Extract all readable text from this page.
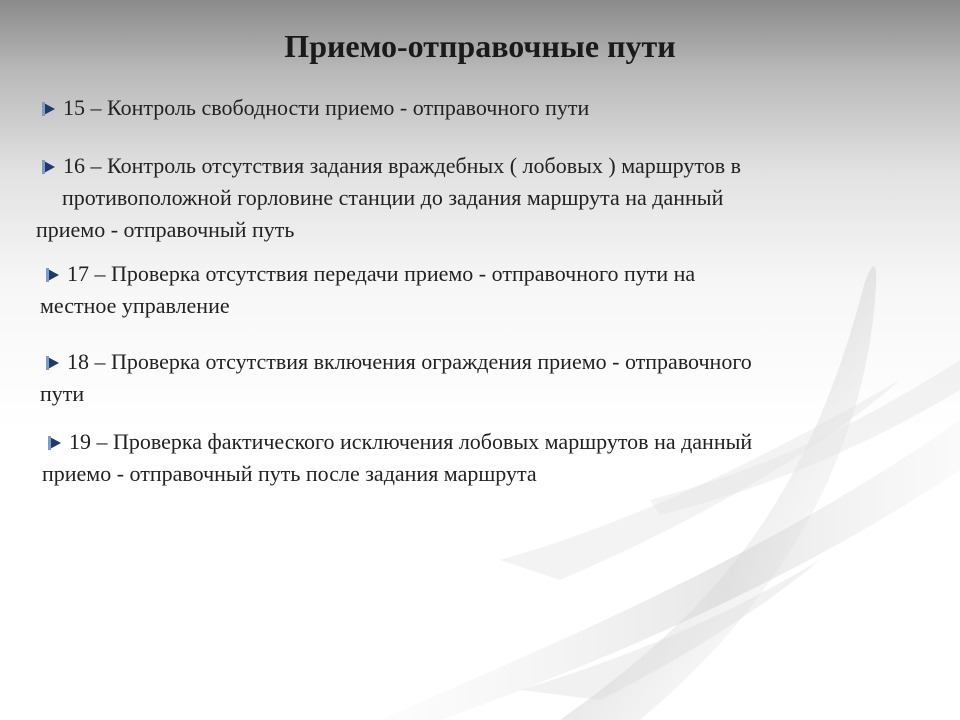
Приемо-отправочные пути
15 – Контроль свободности приемо - отправочного пути
16 – Контроль отсутствия задания враждебных ( лобовых ) маршрутов в
противоположной горловине станции до задания маршрута на данный
приемо - отправочный путь
17 – Проверка отсутствия передачи приемо - отправочного пути на
местное управление
18 – Проверка отсутствия включения ограждения приемо - отправочного
пути
19 – Проверка фактического исключения лобовых маршрутов на данный
приемо - отправочный путь после задания маршрута
